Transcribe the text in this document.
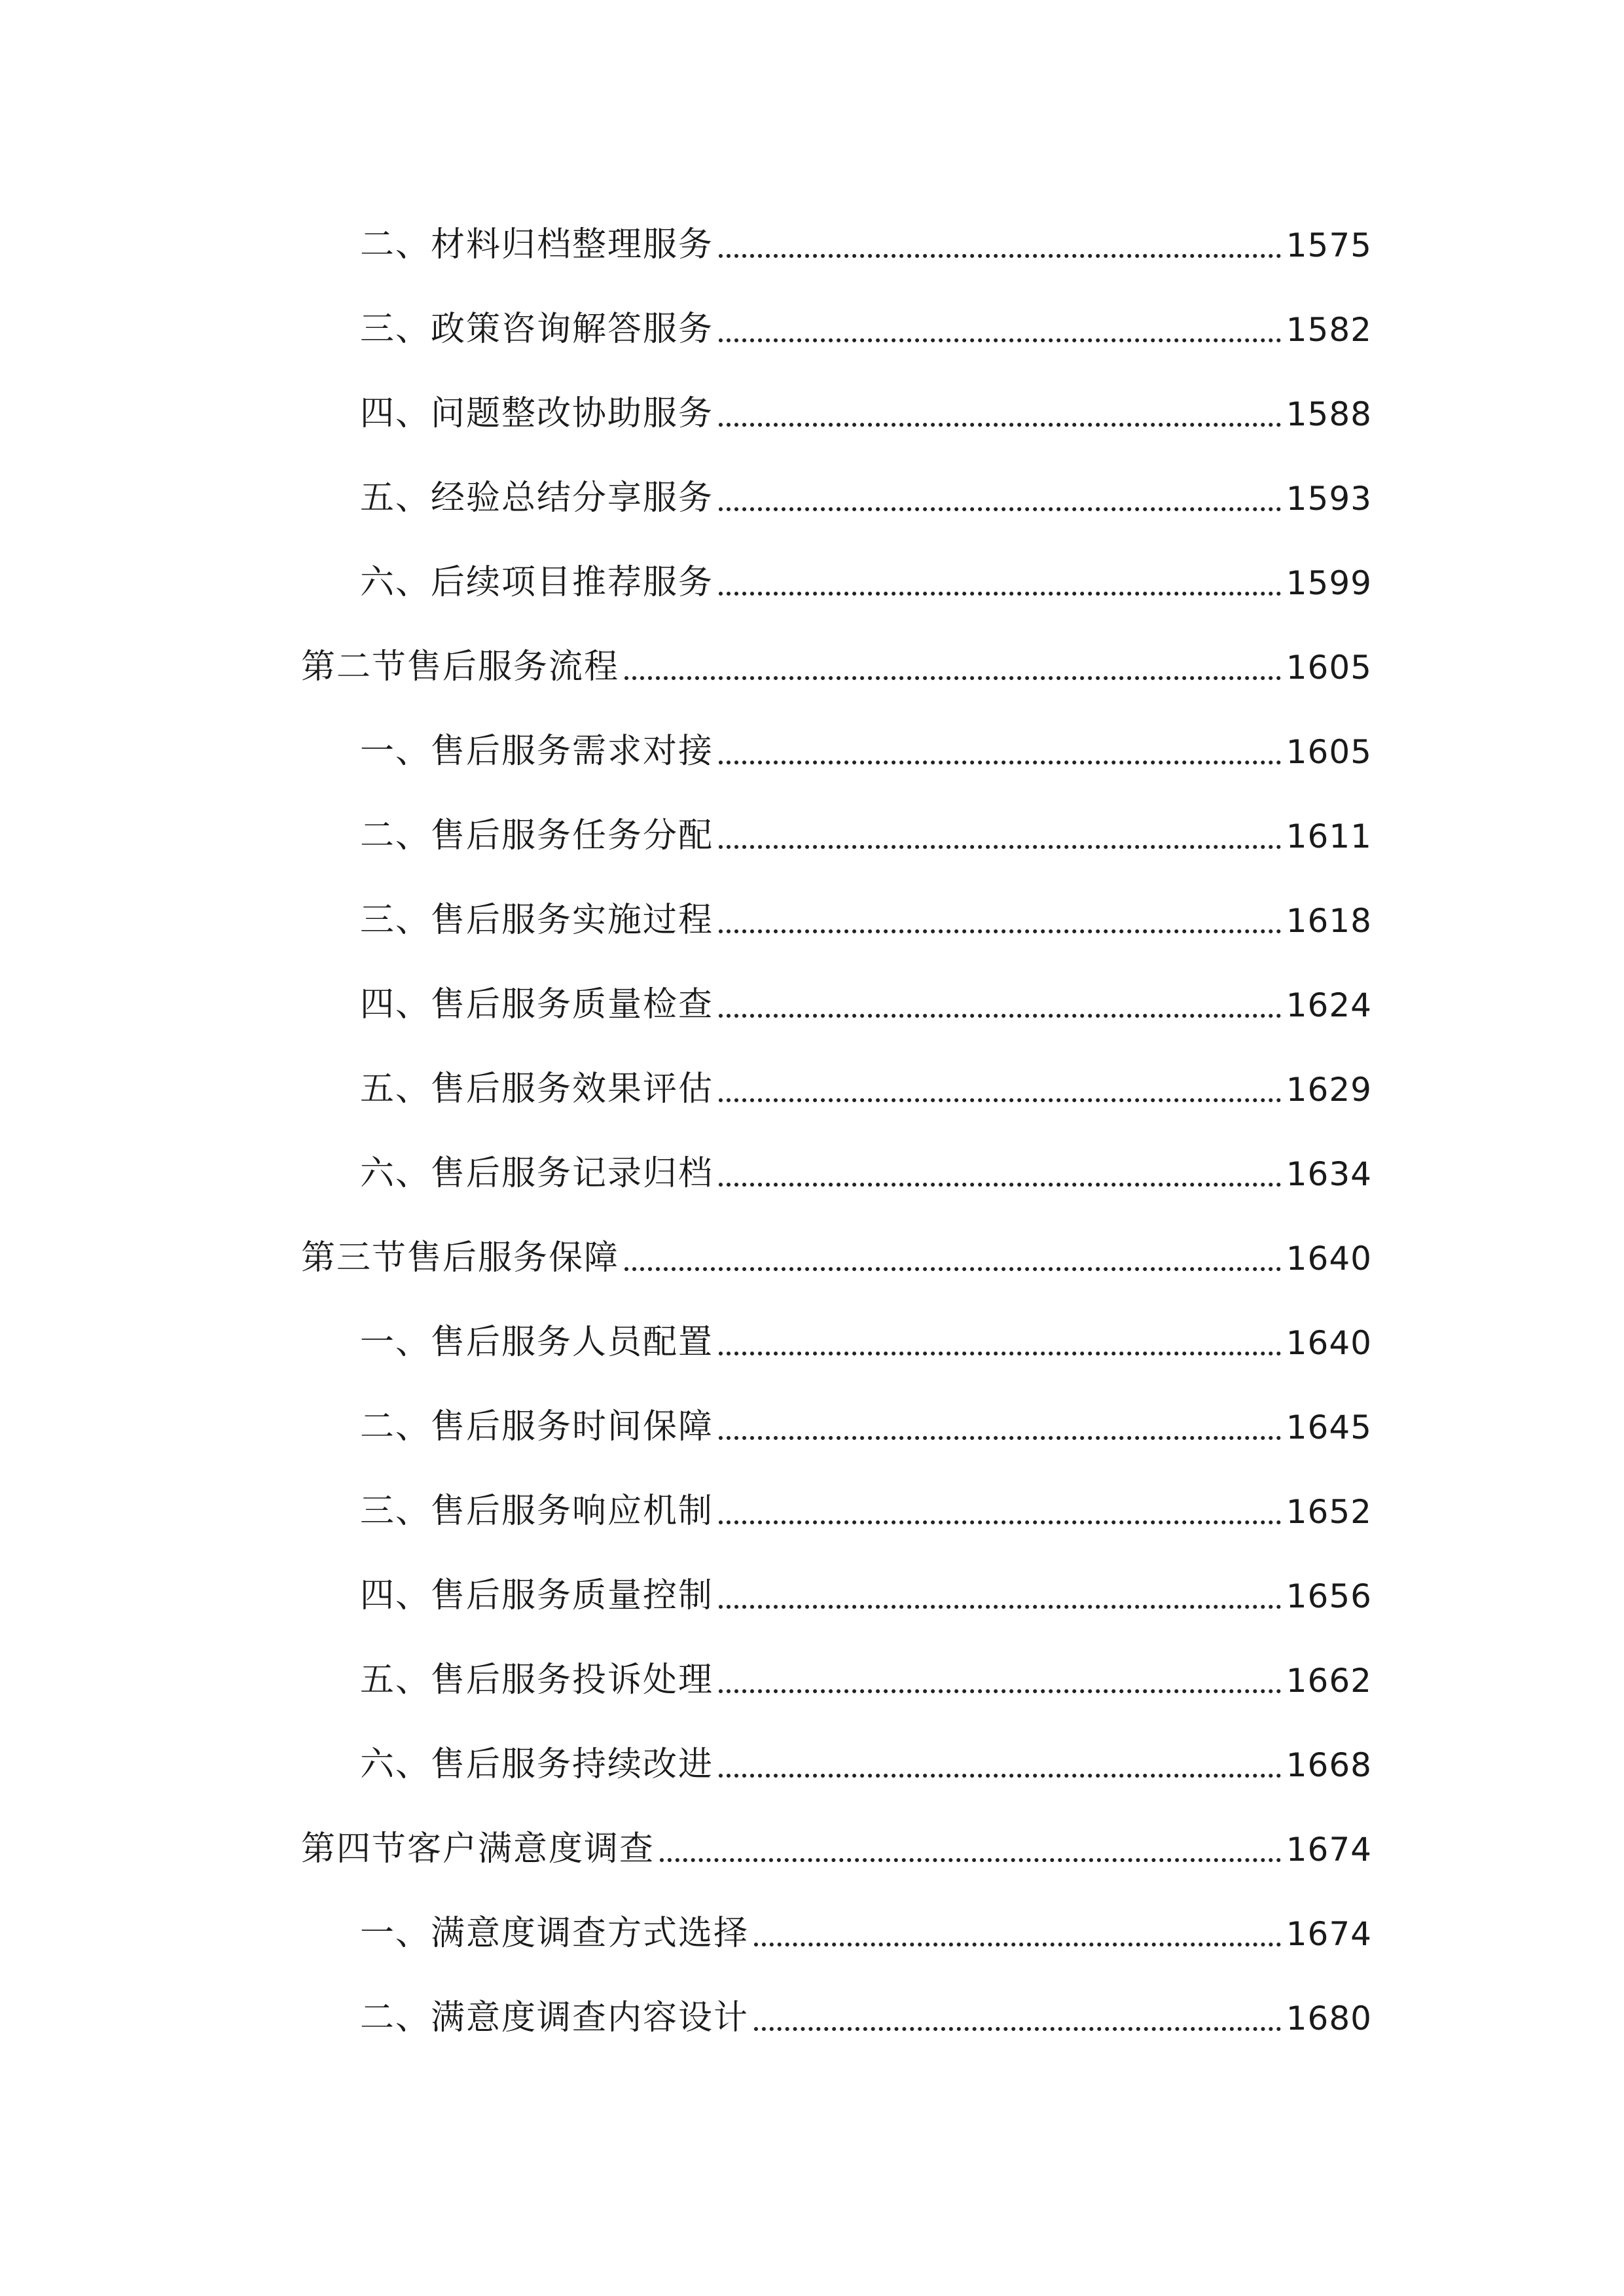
二、材料归档整理服务	1575
三、政策咨询解答服务	1582
四、问题整改协助服务	1588
五、经验总结分享服务	1593
六、后续项目推荐服务	1599
第二节售后服务流程	1605
一、售后服务需求对接	1605
二、售后服务任务分配	1611
三、售后服务实施过程	1618
四、售后服务质量检查	1624
五、售后服务效果评估	1629
六、售后服务记录归档	1634
第三节售后服务保障	1640
一、售后服务人员配置	1640
二、售后服务时间保障	1645
三、售后服务响应机制	1652
四、售后服务质量控制	1656
五、售后服务投诉处理	1662
六、售后服务持续改进	1668
第四节客户满意度调查	1674
一、满意度调查方式选择	1674
二、满意度调查内容设计	1680
